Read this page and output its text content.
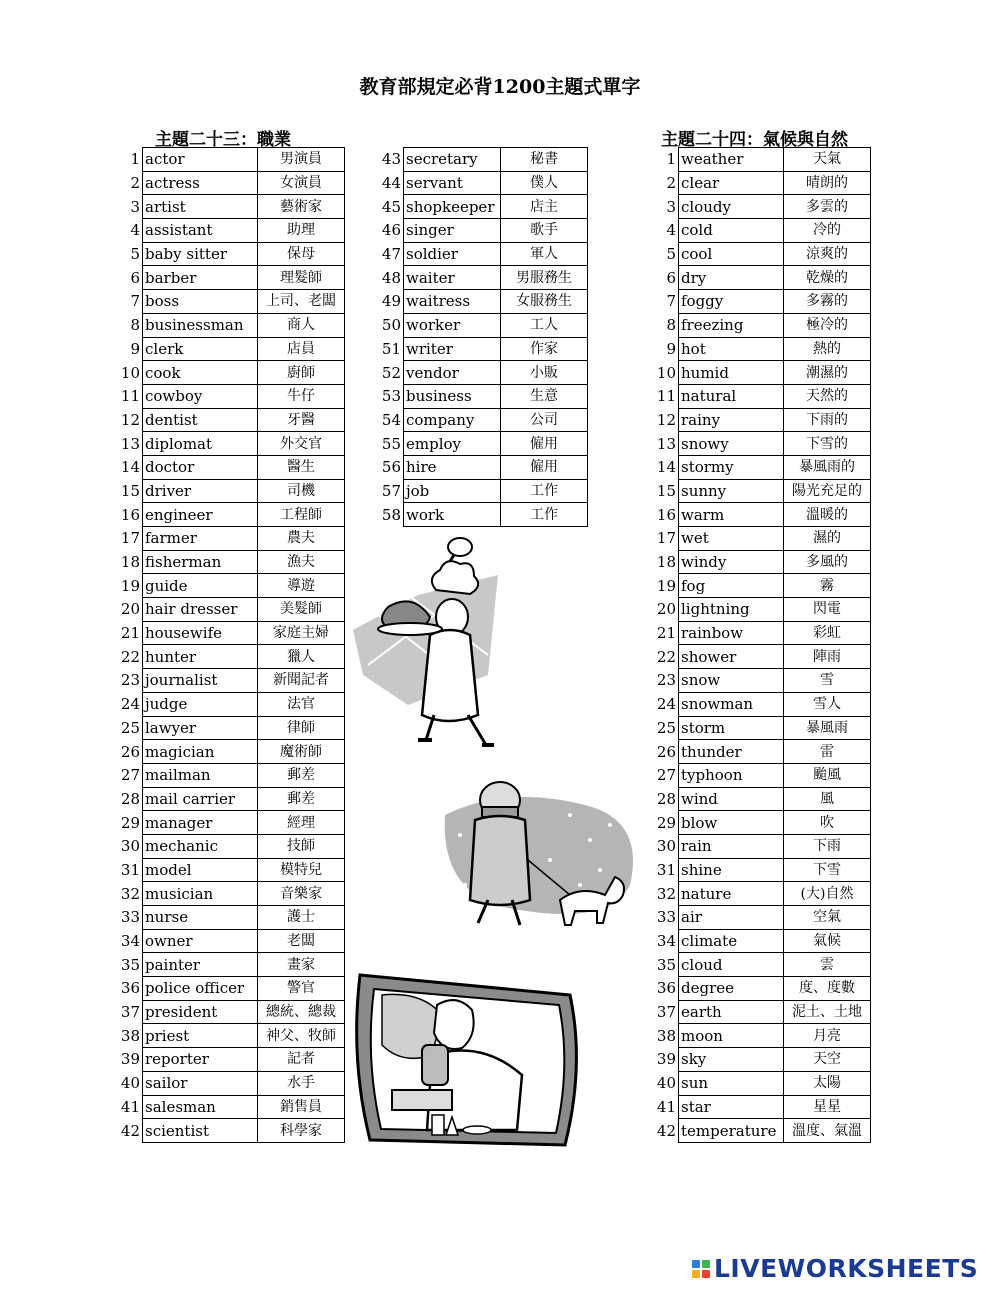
教育部規定必背1200主題式單字
主題二十三：職業	主題二十四：氣候與自然
1	actor	男演員
2	actress	女演員
3	artist	藝術家
4	assistant	助理
5	baby sitter	保母
6	barber	理髮師
7	boss	上司、老闆
8	businessman	商人
9	clerk	店員
10	cook	廚師
11	cowboy	牛仔
12	dentist	牙醫
13	diplomat	外交官
14	doctor	醫生
15	driver	司機
16	engineer	工程師
17	farmer	農夫
18	fisherman	漁夫
19	guide	導遊
20	hair dresser	美髮師
21	housewife	家庭主婦
22	hunter	獵人
23	journalist	新聞記者
24	judge	法官
25	lawyer	律師
26	magician	魔術師
27	mailman	郵差
28	mail carrier	郵差
29	manager	經理
30	mechanic	技師
31	model	模特兒
32	musician	音樂家
33	nurse	護士
34	owner	老闆
35	painter	畫家
36	police officer	警官
37	president	總統、總裁
38	priest	神父、牧師
39	reporter	記者
40	sailor	水手
41	salesman	銷售員
42	scientist	科學家
43	secretary	秘書
44	servant	僕人
45	shopkeeper	店主
46	singer	歌手
47	soldier	軍人
48	waiter	男服務生
49	waitress	女服務生
50	worker	工人
51	writer	作家
52	vendor	小販
53	business	生意
54	company	公司
55	employ	僱用
56	hire	僱用
57	job	工作
58	work	工作
1	weather	天氣
2	clear	晴朗的
3	cloudy	多雲的
4	cold	冷的
5	cool	涼爽的
6	dry	乾燥的
7	foggy	多霧的
8	freezing	極冷的
9	hot	熱的
10	humid	潮濕的
11	natural	天然的
12	rainy	下雨的
13	snowy	下雪的
14	stormy	暴風雨的
15	sunny	陽光充足的
16	warm	溫暖的
17	wet	濕的
18	windy	多風的
19	fog	霧
20	lightning	閃電
21	rainbow	彩虹
22	shower	陣雨
23	snow	雪
24	snowman	雪人
25	storm	暴風雨
26	thunder	雷
27	typhoon	颱風
28	wind	風
29	blow	吹
30	rain	下雨
31	shine	下雪
32	nature	(大)自然
33	air	空氣
34	climate	氣候
35	cloud	雲
36	degree	度、度數
37	earth	泥土、土地
38	moon	月亮
39	sky	天空
40	sun	太陽
41	star	星星
42	temperature	溫度、氣溫
LIVEWORKSHEETS
